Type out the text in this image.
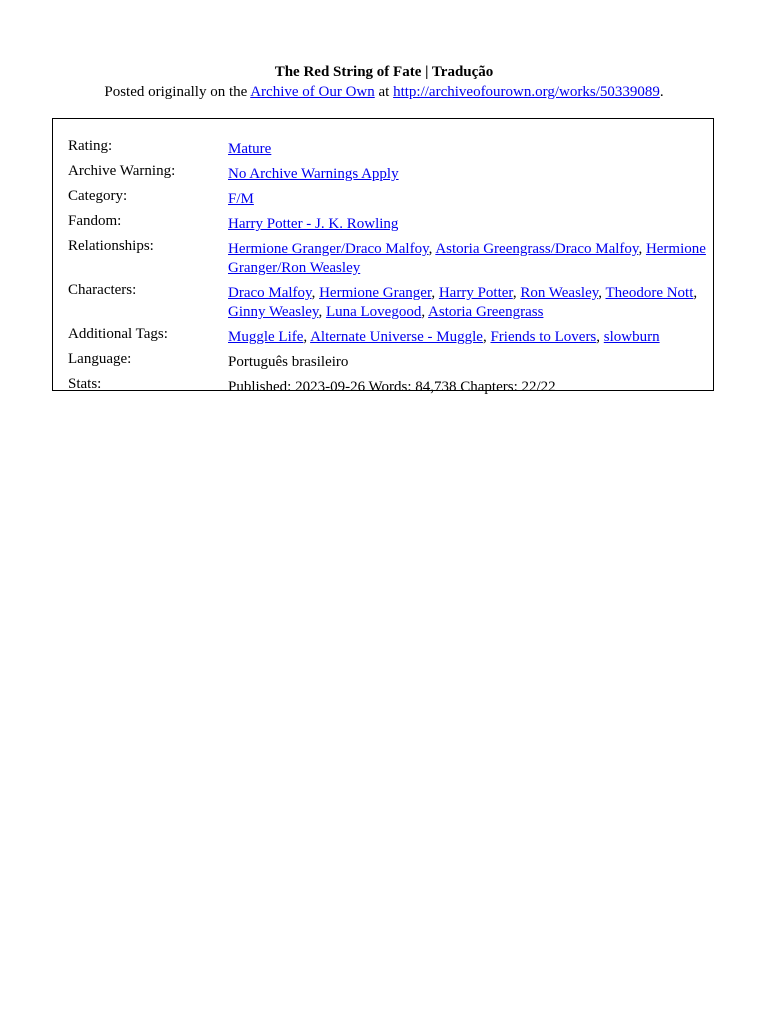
The Red String of Fate | Tradução
Posted originally on the Archive of Our Own at http://archiveofourown.org/works/50339089.
Rating:	Mature
Archive Warning:	No Archive Warnings Apply
Category:	F/M
Fandom:	Harry Potter - J. K. Rowling
Relationships:	Hermione Granger/Draco Malfoy, Astoria Greengrass/Draco Malfoy, Hermione Granger/Ron Weasley
Characters:	Draco Malfoy, Hermione Granger, Harry Potter, Ron Weasley, Theodore Nott, Ginny Weasley, Luna Lovegood, Astoria Greengrass
Additional Tags:	Muggle Life, Alternate Universe - Muggle, Friends to Lovers, slowburn
Language:	Português brasileiro
Stats:	Published: 2023-09-26 Words: 84,738 Chapters: 22/22
